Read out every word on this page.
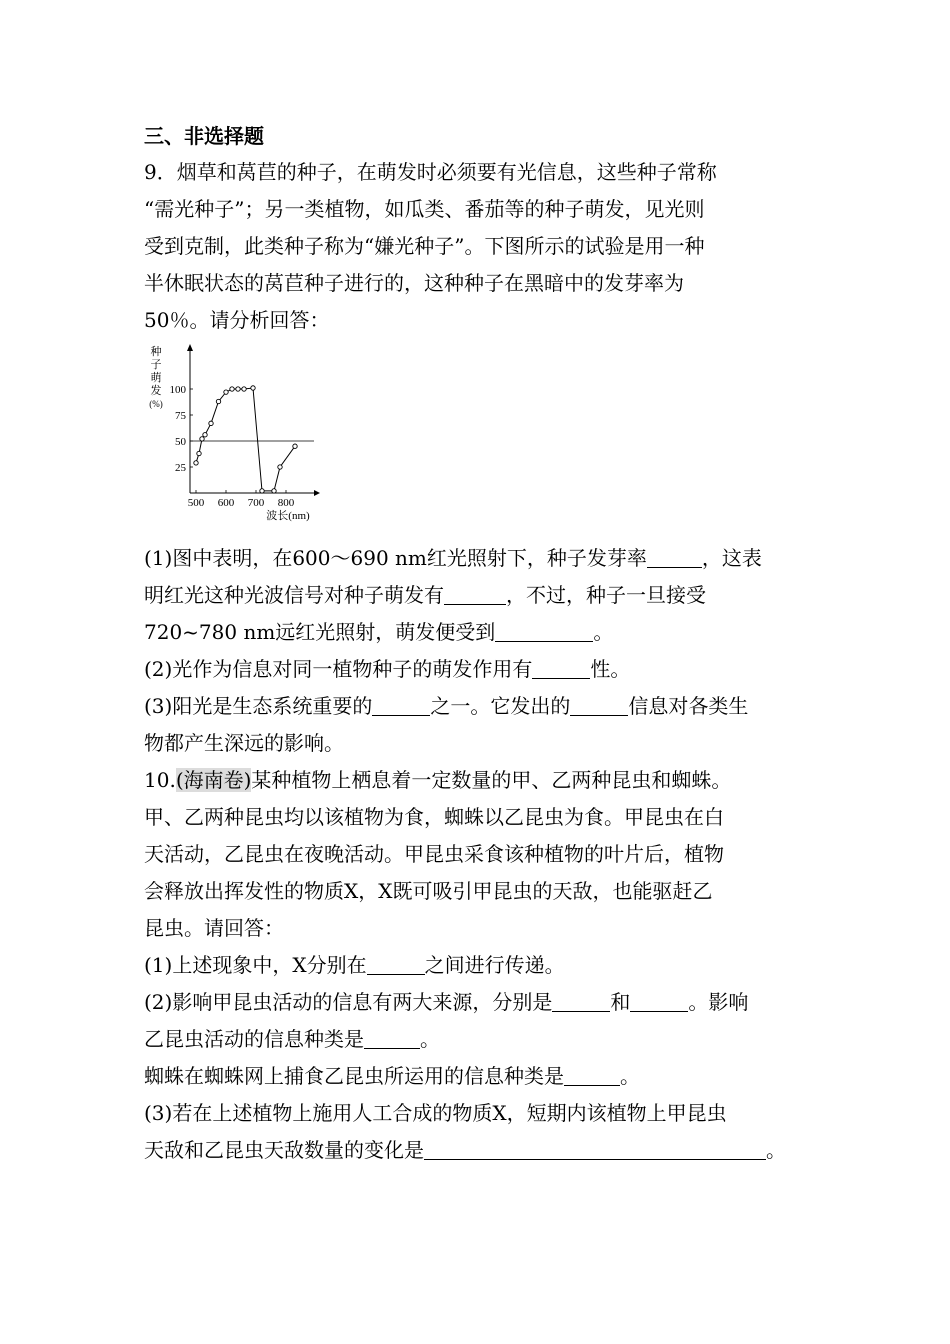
三、非选择题
9．烟草和莴苣的种子，在萌发时必须要有光信息，这些种子常称
“需光种子”；另一类植物，如瓜类、番茄等的种子萌发，见光则
受到克制，此类种子称为“嫌光种子”。下图所示的试验是用一种
半休眠状态的莴苣种子进行的，这种种子在黑暗中的发芽率为
50％。请分析回答：
种
子
萌
发
(%)
25
50
75
100
500 600 700 800
波长(nm)
(1)图中表明，在600～690 nm红光照射下，种子发芽率	，这表
明红光这种光波信号对种子萌发有	，不过，种子一旦接受
720~780 nm远红光照射，萌发便受到	。
(2)光作为信息对同一植物种子的萌发作用有	性。
(3)阳光是生态系统重要的	之一。它发出的	信息对各类生
物都产生深远的影响。
10.(海南卷)某种植物上栖息着一定数量的甲、乙两种昆虫和蜘蛛。
甲、乙两种昆虫均以该植物为食，蜘蛛以乙昆虫为食。甲昆虫在白
天活动，乙昆虫在夜晚活动。甲昆虫采食该种植物的叶片后，植物
会释放出挥发性的物质X，X既可吸引甲昆虫的天敌，也能驱赶乙
昆虫。请回答：
(1)上述现象中，X分别在	之间进行传递。
(2)影响甲昆虫活动的信息有两大来源，分别是	和	。影响
乙昆虫活动的信息种类是	。
蜘蛛在蜘蛛网上捕食乙昆虫所运用的信息种类是	。
(3)若在上述植物上施用人工合成的物质X，短期内该植物上甲昆虫
天敌和乙昆虫天敌数量的变化是	。
